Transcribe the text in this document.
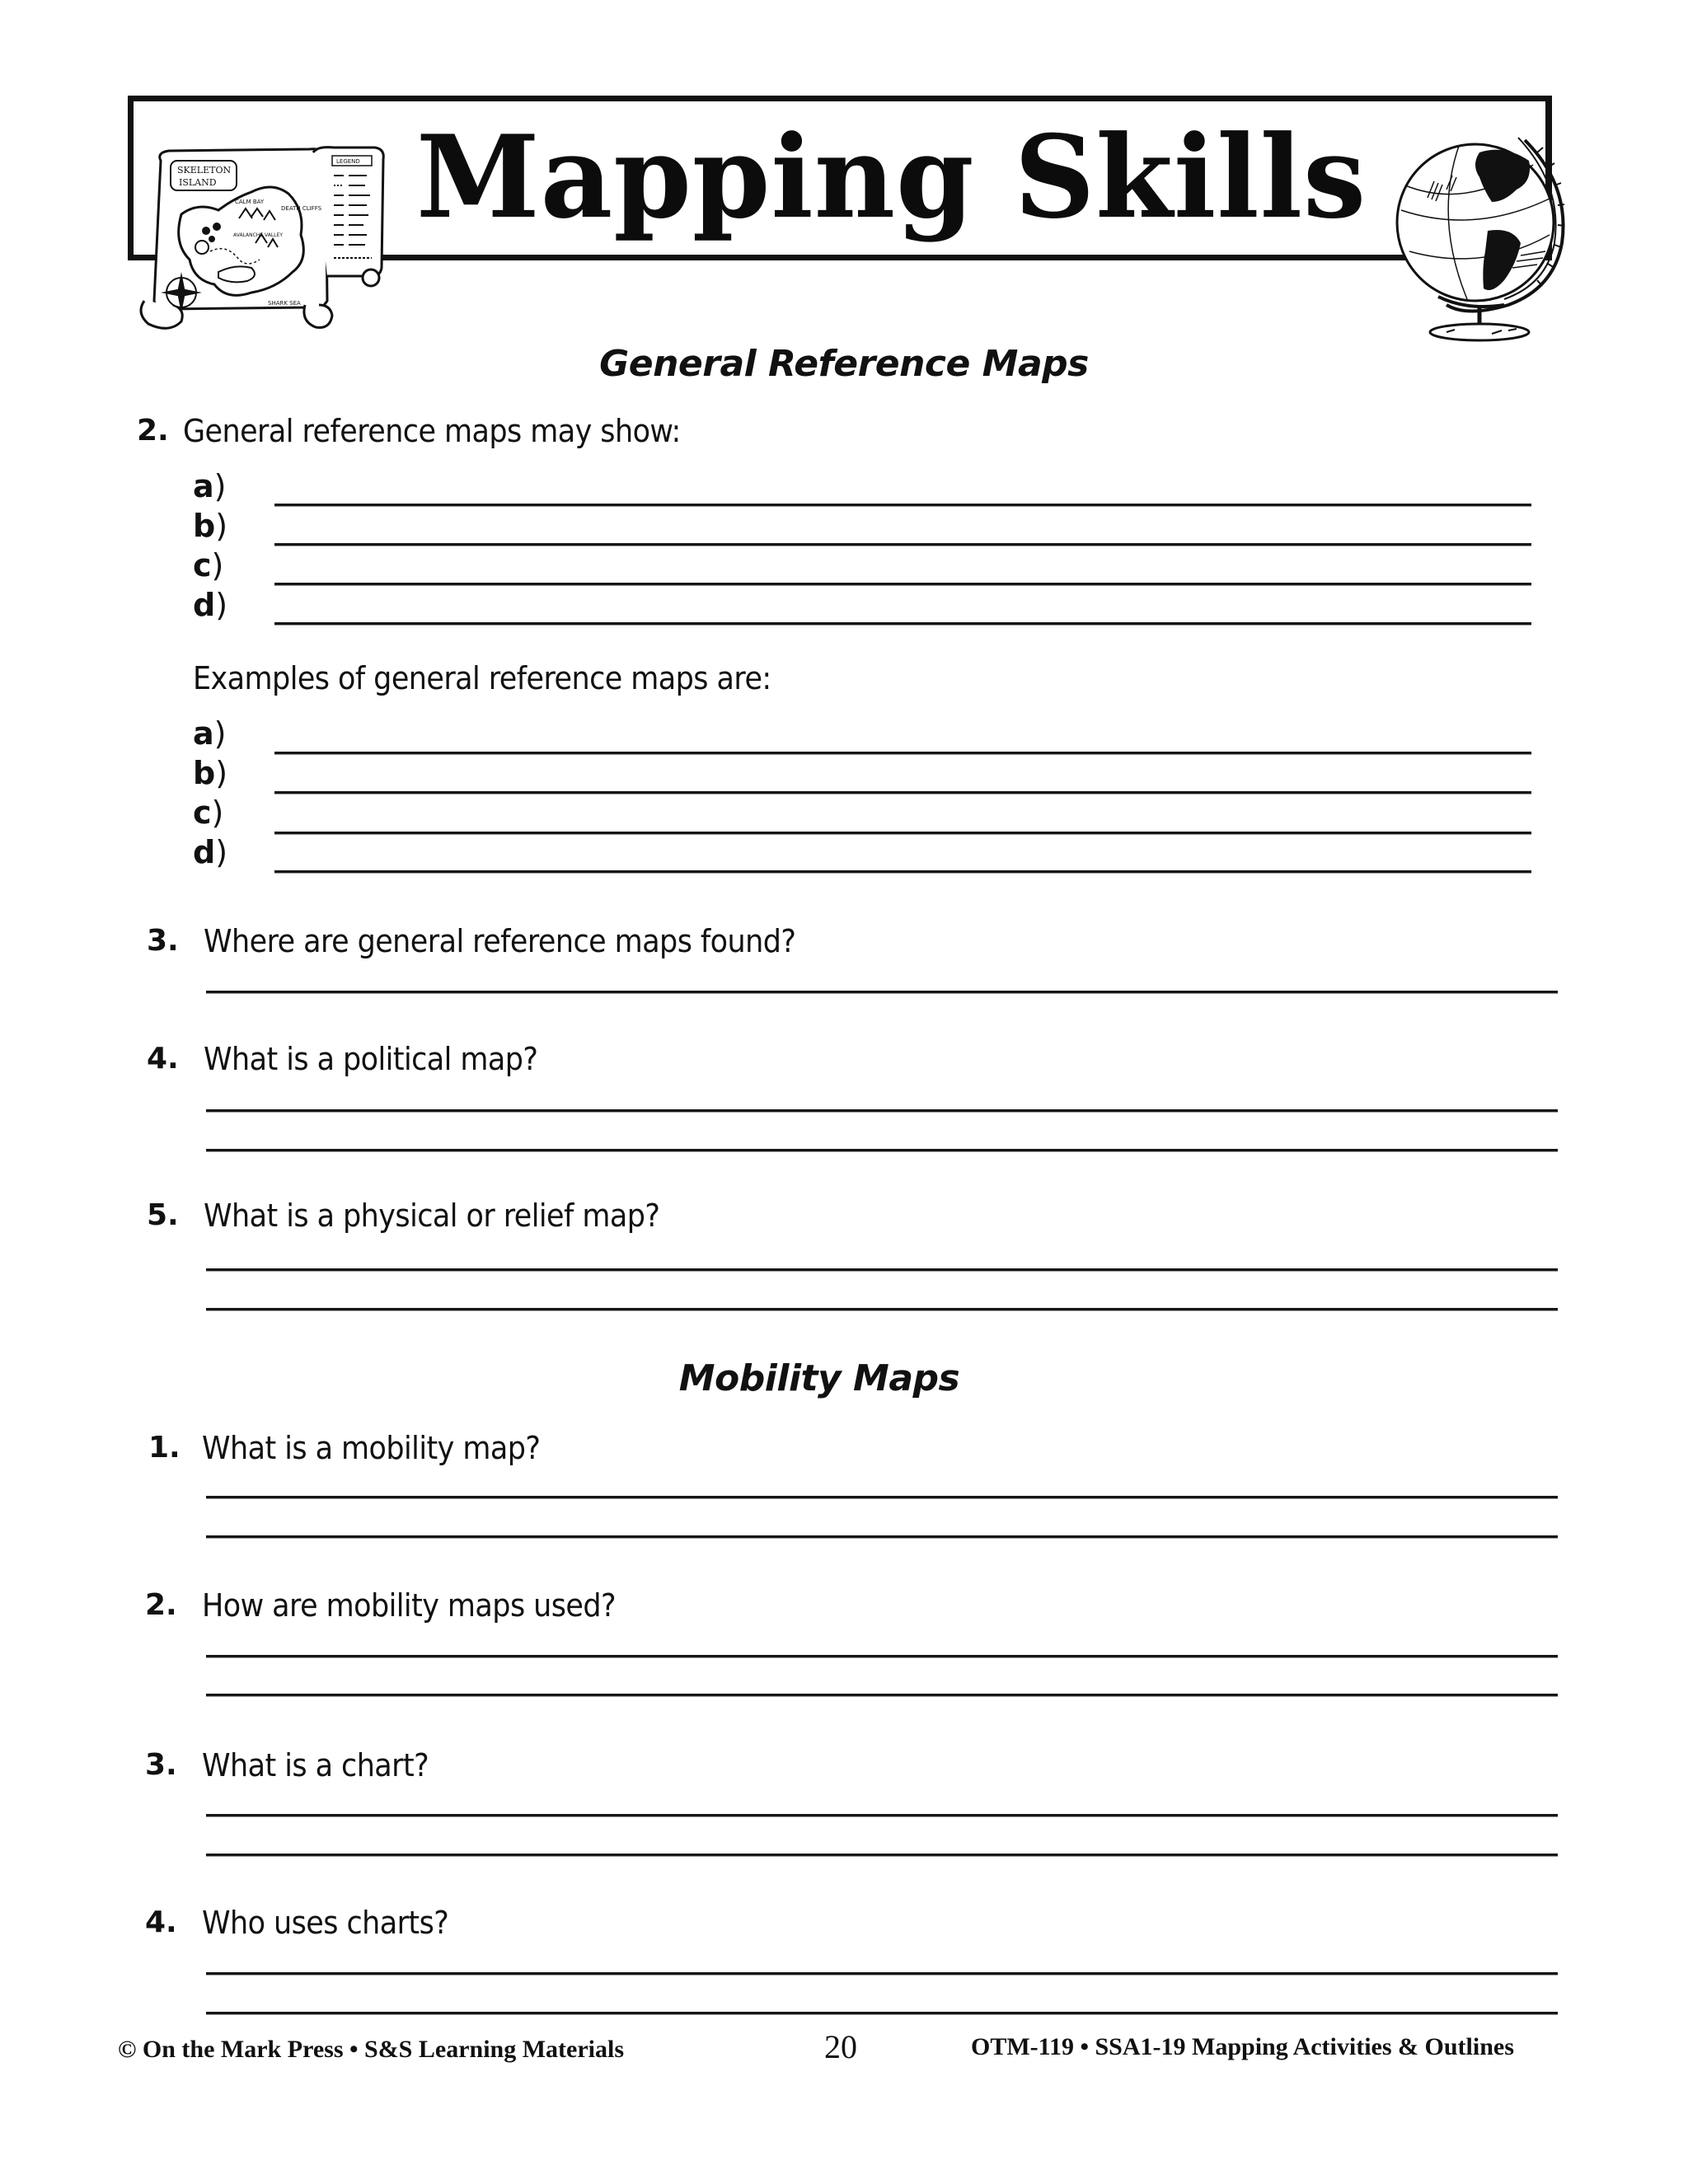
SKELETON
ISLAND
CALM BAY
DEATH CLIFFS
AVALANCHE VALLEY
SHARK SEA
LEGEND Mapping Skills
General Reference Maps
2. General reference maps may show:
a)
b)
c)
d)
Examples of general reference maps are:
a)
b)
c)
d)
3. Where are general reference maps found?
4. What is a political map?
5. What is a physical or relief map?
Mobility Maps
1. What is a mobility map?
2. How are mobility maps used?
3. What is a chart?
4. Who uses charts?
© On the Mark Press • S&S Learning Materials	20	OTM-119 • SSA1-19 Mapping Activities & Outlines
